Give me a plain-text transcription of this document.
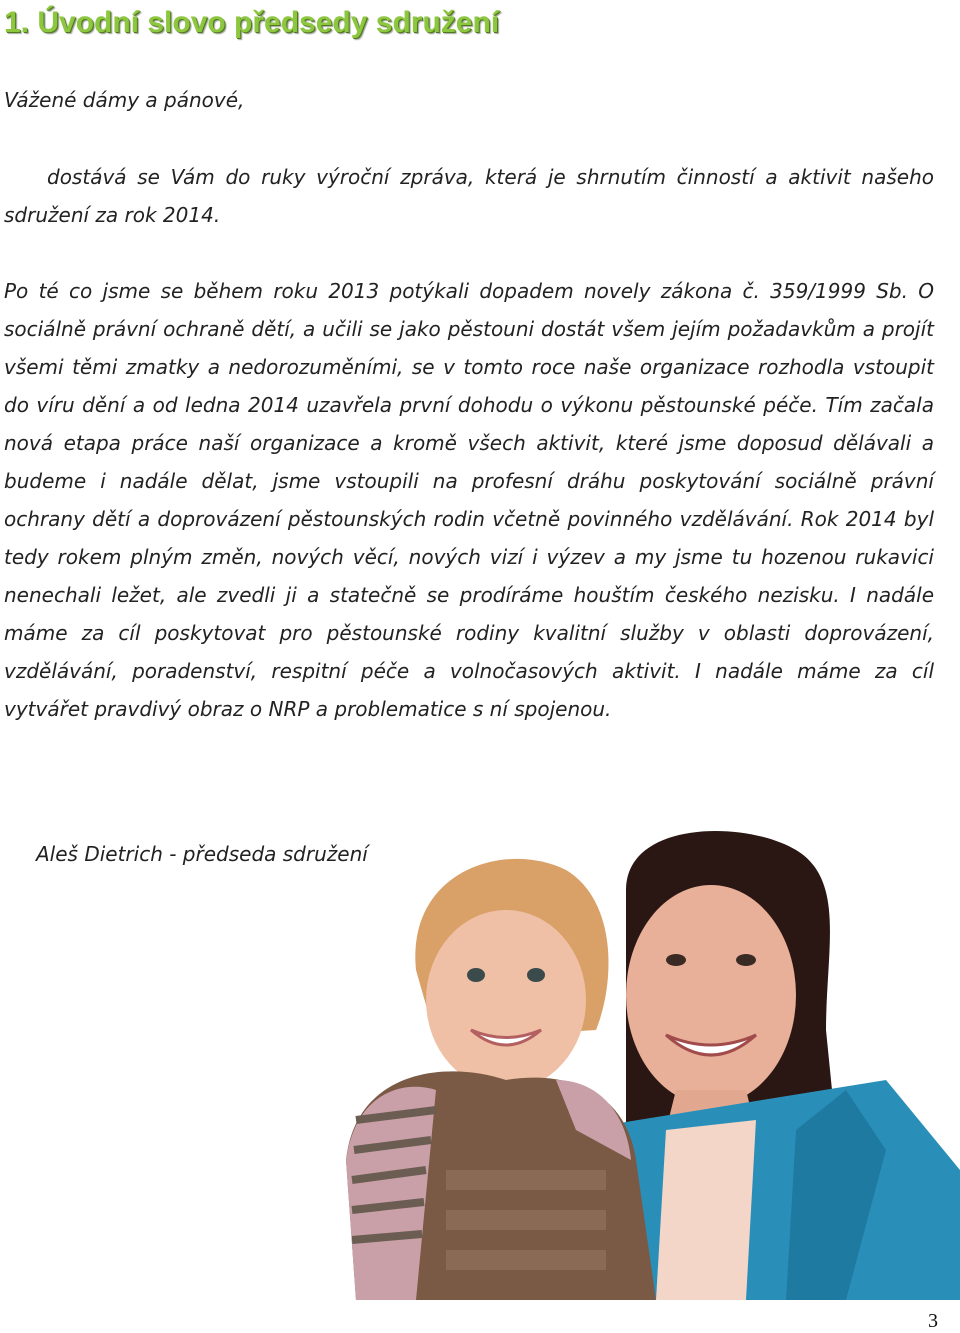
1. Úvodní slovo předsedy sdružení

Vážené dámy a pánové,

dostává se Vám do ruky výroční zpráva, která je shrnutím činností a aktivit našeho sdružení za rok 2014.

Po té co jsme se během roku 2013 potýkali dopadem novely zákona č. 359/1999 Sb. O sociálně právní ochraně dětí, a učili se jako pěstouni dostát všem jejím požadavkům a projít všemi těmi zmatky a nedorozuměními, se v tomto roce naše organizace rozhodla vstoupit do víru dění a od ledna 2014 uzavřela první dohodu o výkonu pěstounské péče. Tím začala nová etapa práce naší organizace a kromě všech aktivit, které jsme doposud dělávali a budeme i nadále dělat, jsme vstoupili na profesní dráhu poskytování sociálně právní ochrany dětí a doprovázení pěstounských rodin včetně povinného vzdělávání. Rok 2014 byl tedy rokem plným změn, nových věcí, nových vizí i výzev a my jsme tu hozenou rukavici nenechali ležet, ale zvedli ji a statečně se prodíráme houštím českého nezisku. I nadále máme za cíl poskytovat pro pěstounské rodiny kvalitní služby v oblasti doprovázení, vzdělávání, poradenství, respitní péče a volnočasových aktivit. I nadále máme za cíl vytvářet pravdivý obraz o NRP a problematice s ní spojenou.

Aleš Dietrich - předseda sdružení

3
